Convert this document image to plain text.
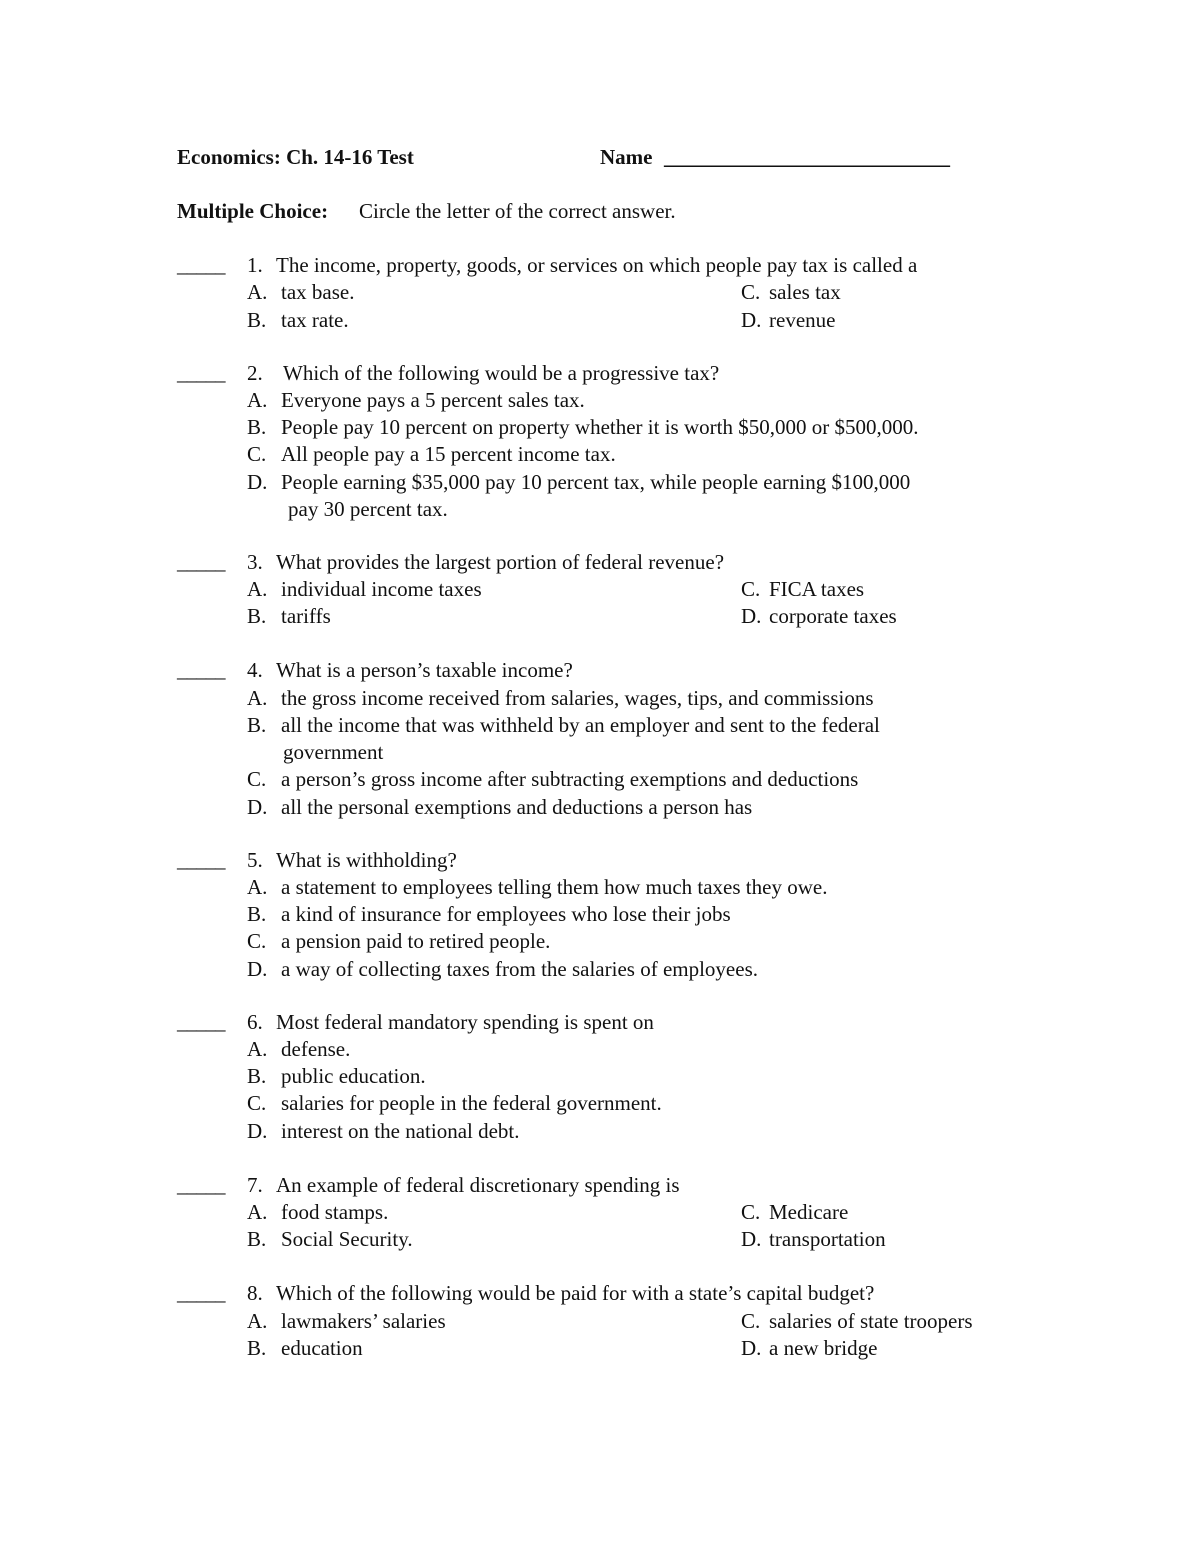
Economics: Ch. 14-16 Test	Name ______________________________
Multiple Choice: Circle the letter of the correct answer.
_____ 1. The income, property, goods, or services on which people pay tax is called a
A. tax base.	C. sales tax
B. tax rate.	D. revenue
_____ 2. Which of the following would be a progressive tax?
A. Everyone pays a 5 percent sales tax.
B. People pay 10 percent on property whether it is worth $50,000 or $500,000.
C. All people pay a 15 percent income tax.
D. People earning $35,000 pay 10 percent tax, while people earning $100,000
pay 30 percent tax.
_____ 3. What provides the largest portion of federal revenue?
A. individual income taxes	C. FICA taxes
B. tariffs	D. corporate taxes
_____ 4. What is a person’s taxable income?
A. the gross income received from salaries, wages, tips, and commissions
B. all the income that was withheld by an employer and sent to the federal
government
C. a person’s gross income after subtracting exemptions and deductions
D. all the personal exemptions and deductions a person has
_____ 5. What is withholding?
A. a statement to employees telling them how much taxes they owe.
B. a kind of insurance for employees who lose their jobs
C. a pension paid to retired people.
D. a way of collecting taxes from the salaries of employees.
_____ 6. Most federal mandatory spending is spent on
A. defense.
B. public education.
C. salaries for people in the federal government.
D. interest on the national debt.
_____ 7. An example of federal discretionary spending is
A. food stamps.	C. Medicare
B. Social Security.	D. transportation
_____ 8. Which of the following would be paid for with a state’s capital budget?
A. lawmakers’ salaries	C. salaries of state troopers
B. education	D. a new bridge
